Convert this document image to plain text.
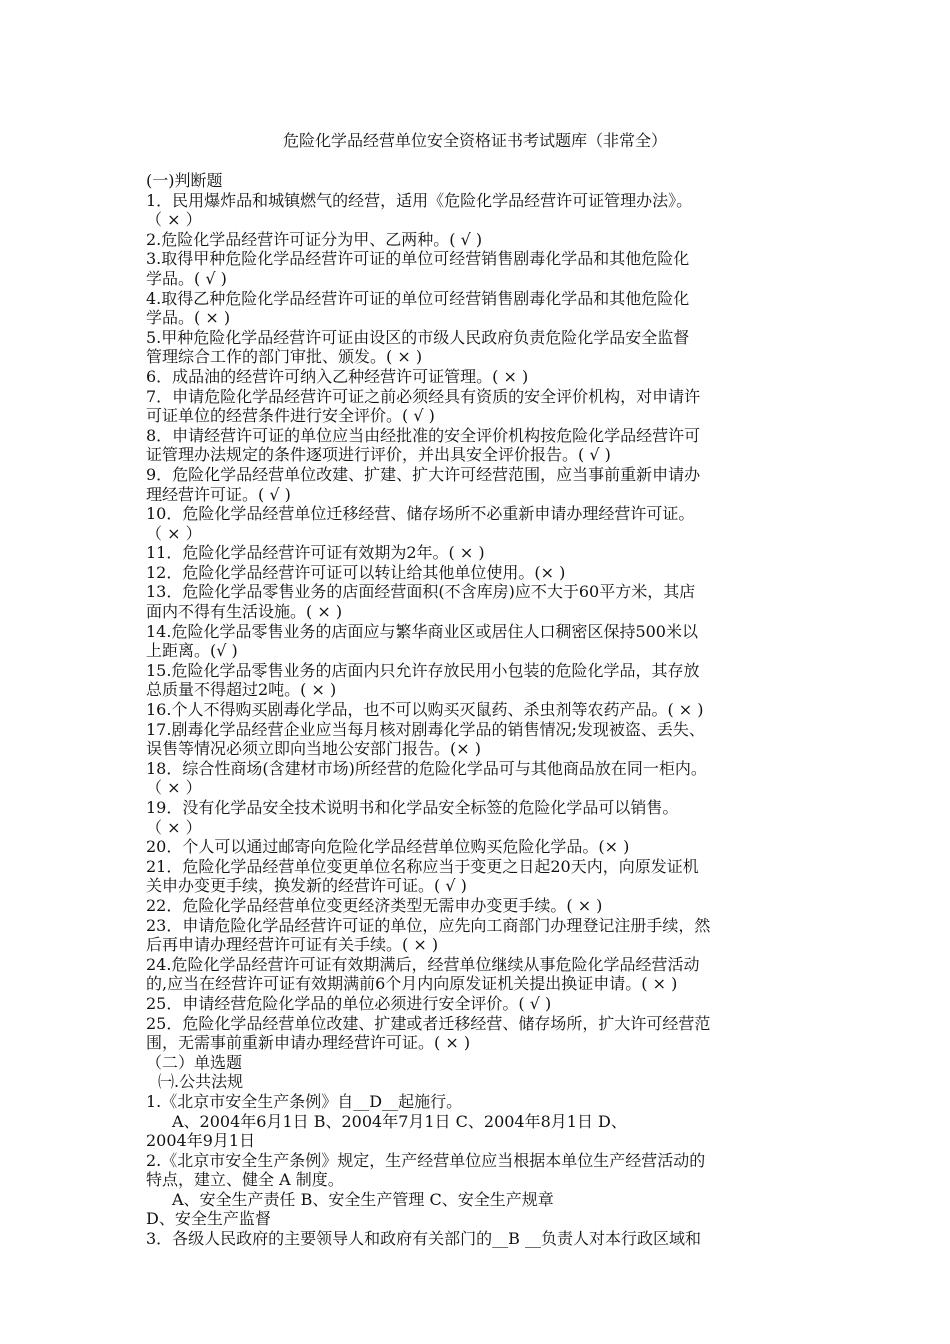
危险化学品经营单位安全资格证书考试题库（非常全）
(一)判断题
1．民用爆炸品和城镇燃气的经营，适用《危险化学品经营许可证管理办法》。
（ × ）
2.危险化学品经营许可证分为甲、乙两种。( √ )
3.取得甲种危险化学品经营许可证的单位可经营销售剧毒化学品和其他危险化
学品。( √ )
4.取得乙种危险化学品经营许可证的单位可经营销售剧毒化学品和其他危险化
学品。( × )
5.甲种危险化学品经营许可证由设区的市级人民政府负责危险化学品安全监督
管理综合工作的部门审批、颁发。( × )
6．成品油的经营许可纳入乙种经营许可证管理。( × )
7．申请危险化学品经营许可证之前必须经具有资质的安全评价机构，对申请许
可证单位的经营条件进行安全评价。( √ )
8．申请经营许可证的单位应当由经批准的安全评价机构按危险化学品经营许可
证管理办法规定的条件逐项进行评价，并出具安全评价报告。( √ )
9．危险化学品经营单位改建、扩建、扩大许可经营范围，应当事前重新申请办
理经营许可证。( √ )
10．危险化学品经营单位迁移经营、储存场所不必重新申请办理经营许可证。
（ × ）
11．危险化学品经营许可证有效期为2年。( × )
12．危险化学品经营许可证可以转让给其他单位使用。(× )
13．危险化学品零售业务的店面经营面积(不含库房)应不大于60平方米，其店
面内不得有生活设施。( × )
14.危险化学品零售业务的店面应与繁华商业区或居住人口稠密区保持500米以
上距离。(√ )
15.危险化学品零售业务的店面内只允许存放民用小包装的危险化学品，其存放
总质量不得超过2吨。( × )
16.个人不得购买剧毒化学品，也不可以购买灭鼠药、杀虫剂等农药产品。( × )
17.剧毒化学品经营企业应当每月核对剧毒化学品的销售情况;发现被盗、丢失、
误售等情况必须立即向当地公安部门报告。(× )
18．综合性商场(含建材市场)所经营的危险化学品可与其他商品放在同一柜内。
（ × ）
19．没有化学品安全技术说明书和化学品安全标签的危险化学品可以销售。
（ × ）
20．个人可以通过邮寄向危险化学品经营单位购买危险化学品。(× )
21．危险化学品经营单位变更单位名称应当于变更之日起20天内，向原发证机
关申办变更手续，换发新的经营许可证。( √ )
22．危险化学品经营单位变更经济类型无需申办变更手续。( × )
23．申请危险化学品经营许可证的单位，应先向工商部门办理登记注册手续，然
后再申请办理经营许可证有关手续。( × )
24.危险化学品经营许可证有效期满后，经营单位继续从事危险化学品经营活动
的,应当在经营许可证有效期满前6个月内向原发证机关提出换证申请。( × )
25．申请经营危险化学品的单位必须进行安全评价。( √ )
25．危险化学品经营单位改建、扩建或者迁移经营、储存场所，扩大许可经营范
围，无需事前重新申请办理经营许可证。( × )
（二）单选题
㈠.公共法规
1.《北京市安全生产条例》自__D__起施行。
A、2004年6月1日 B、2004年7月1日 C、2004年8月1日 D、
2004年9月1日
2.《北京市安全生产条例》规定，生产经营单位应当根据本单位生产经营活动的
特点，建立、健全 A 制度。
A、安全生产责任 B、安全生产管理 C、安全生产规章
D、安全生产监督
3．各级人民政府的主要领导人和政府有关部门的__B __负责人对本行政区域和
